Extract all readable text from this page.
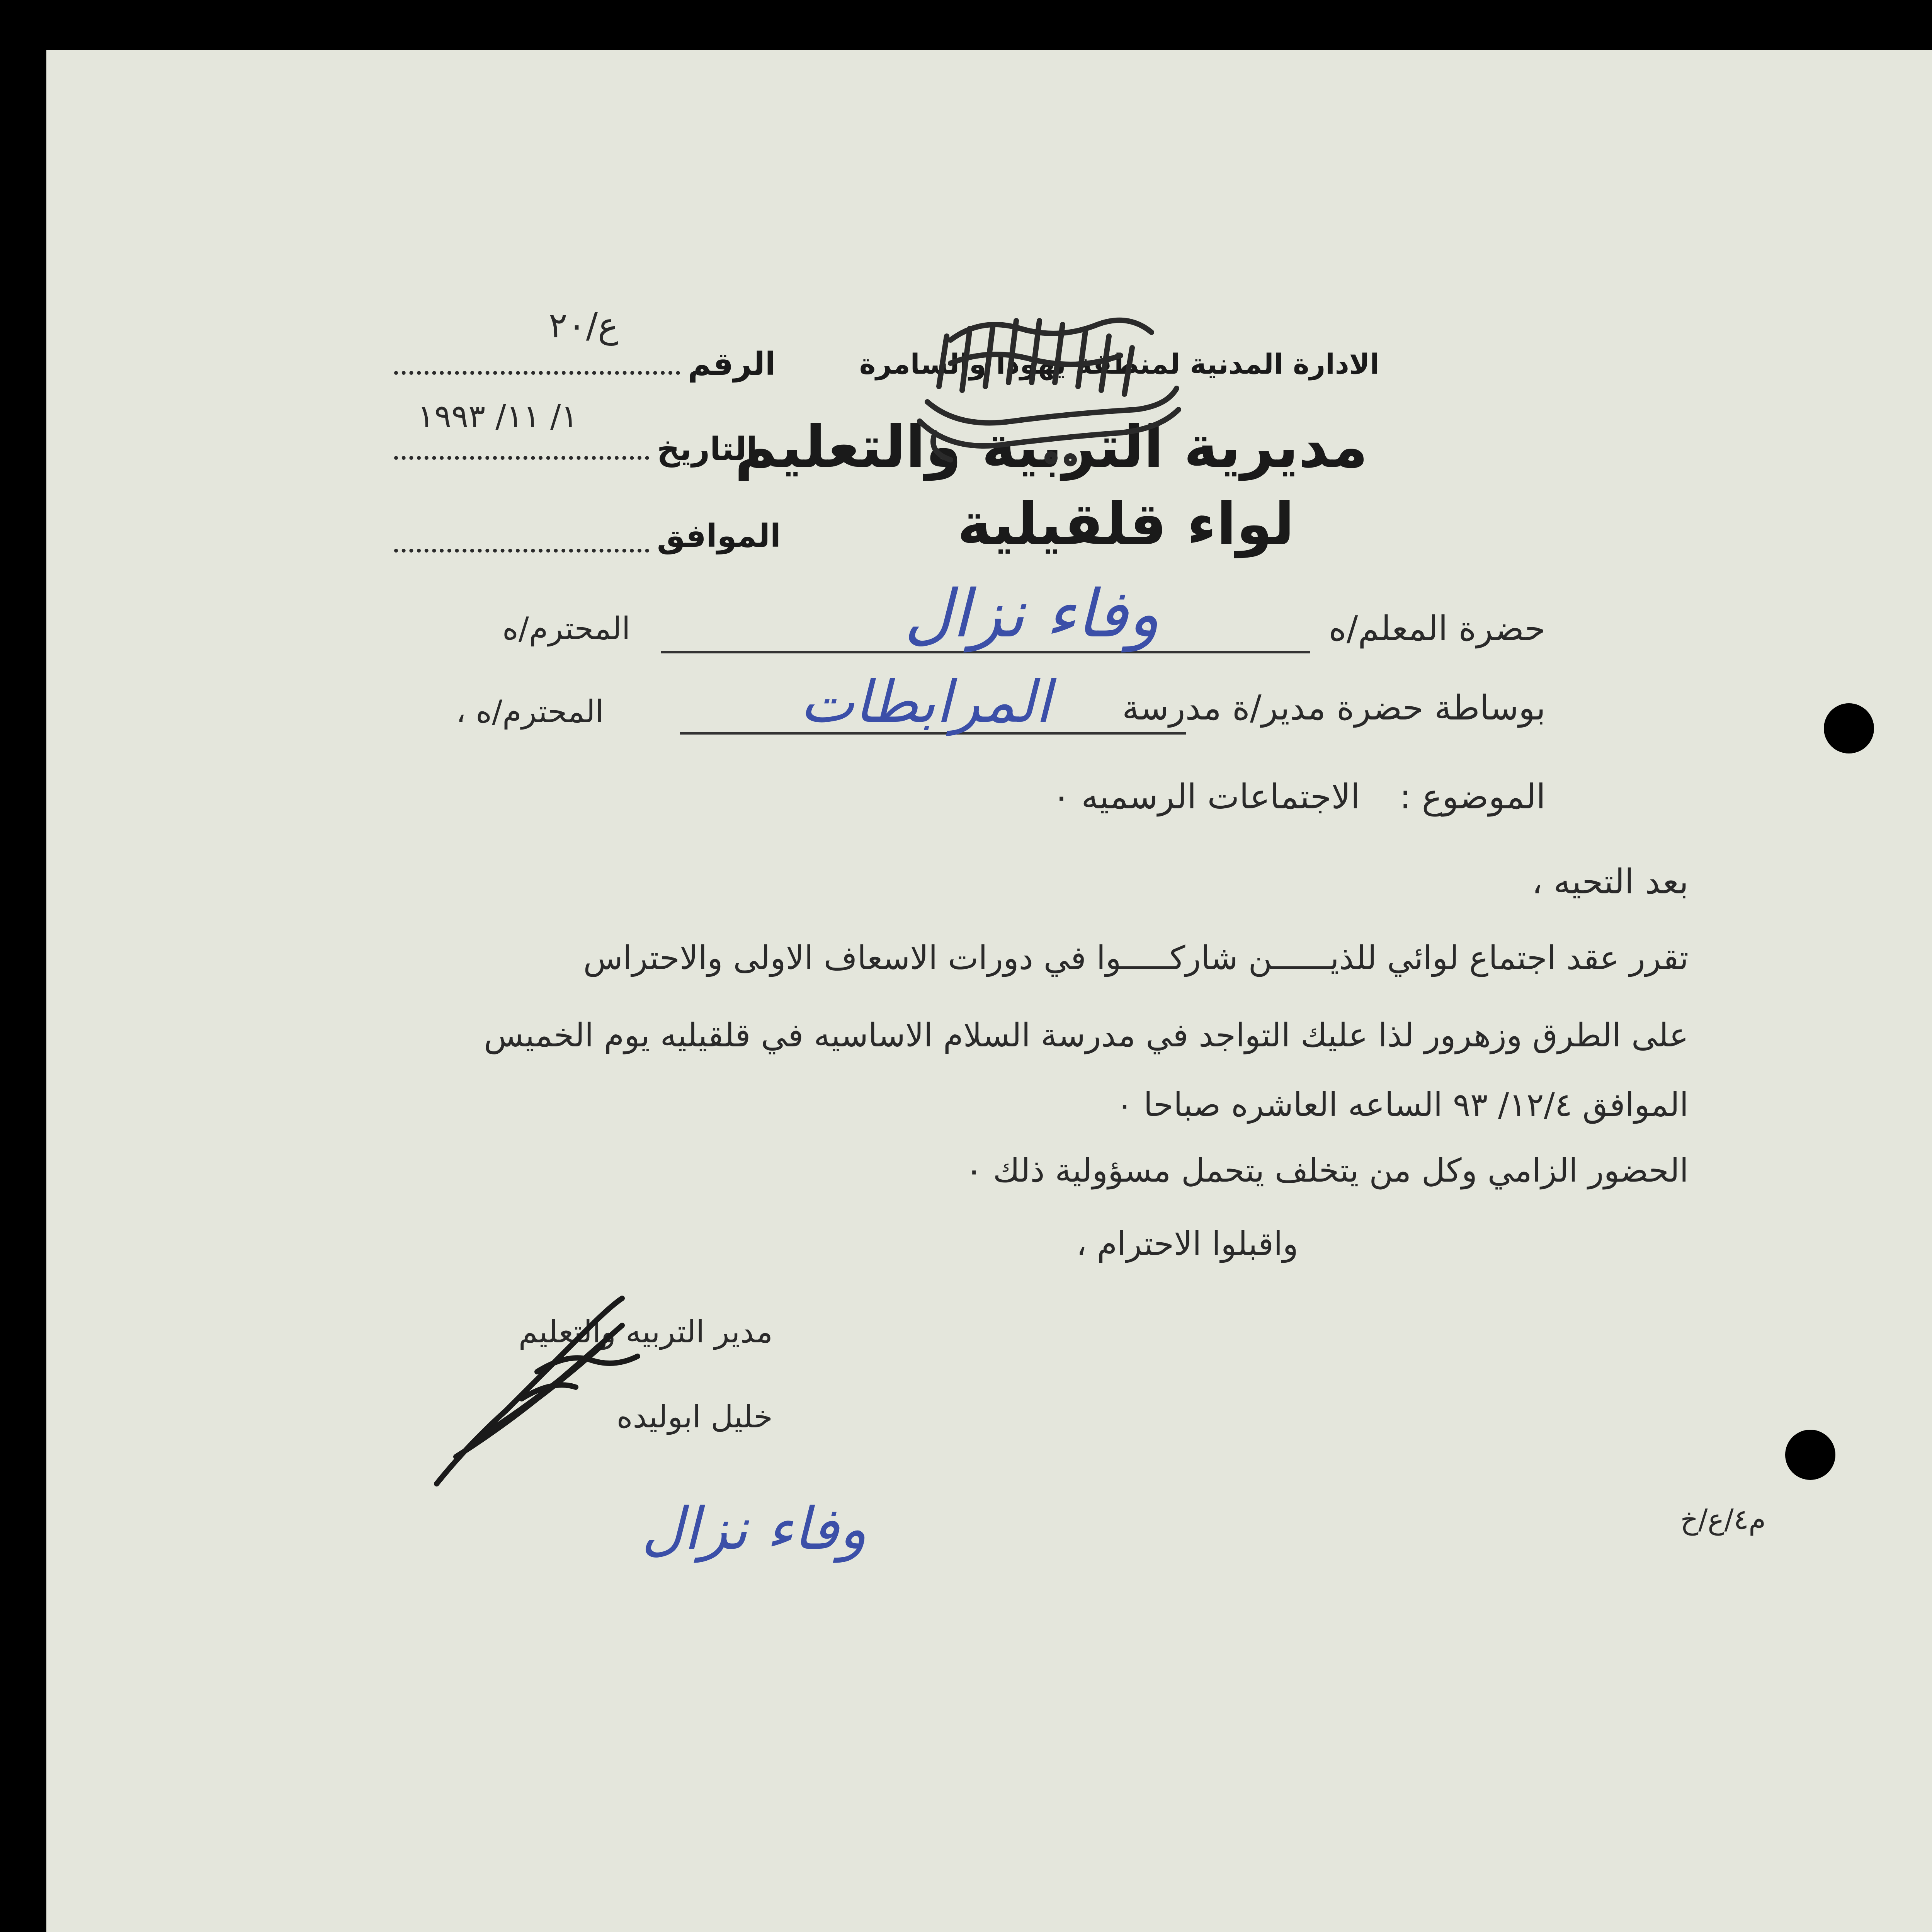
الادارة المدنية لمنطقة يهودا والسامرة
مديرية التربية والتعليم
لواء قلقيلية
ع/٢٠
الرقم
١/ ١١/ ١٩٩٣
التاريخ
الموافق
حضرة المعلم/ه
وفاء نزال
المحترم/ه
بوساطة حضرة مدير/ة مدرسة
المرابطات
المحترم/ه ،
الموضوع :
الاجتماعات الرسميه ٠
بعد التحيه ،
تقرر عقد اجتماع لوائي للذيــــــن شاركـــــوا في دورات الاسعاف الاولى والاحتراس
على الطرق وزهرور لذا عليك التواجد في مدرسة السلام الاساسيه في قلقيليه يوم الخميس
الموافق ١٢/٤/ ٩٣ الساعه العاشره صباحا ٠
الحضور الزامي وكل من يتخلف يتحمل مسؤولية ذلك ٠
واقبلوا الاحترام ،
مدير التربيه والتعليم
خليل ابوليده
وفاء نزال	م٤/ع/خ
